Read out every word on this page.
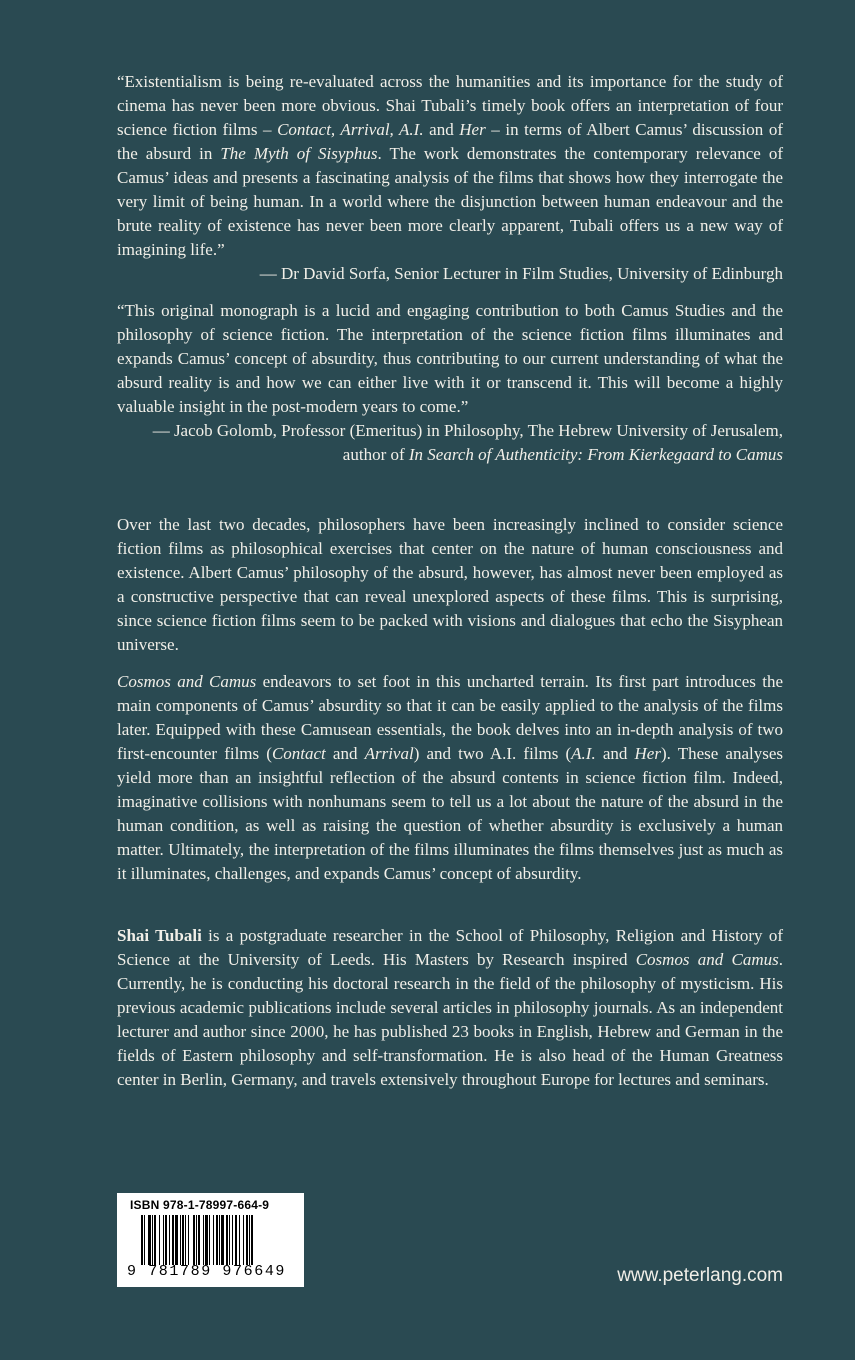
“Existentialism is being re-evaluated across the humanities and its importance for the study of cinema has never been more obvious. Shai Tubali’s timely book offers an interpretation of four science fiction films – Contact, Arrival, A.I. and Her – in terms of Albert Camus’ discussion of the absurd in The Myth of Sisyphus. The work demonstrates the contemporary relevance of Camus’ ideas and presents a fascinating analysis of the films that shows how they interrogate the very limit of being human. In a world where the disjunction between human endeavour and the brute reality of existence has never been more clearly apparent, Tubali offers us a new way of imagining life.”

— Dr David Sorfa, Senior Lecturer in Film Studies, University of Edinburgh

“This original monograph is a lucid and engaging contribution to both Camus Studies and the philosophy of science fiction. The interpretation of the science fiction films illuminates and expands Camus’ concept of absurdity, thus contributing to our current understanding of what the absurd reality is and how we can either live with it or transcend it. This will become a highly valuable insight in the post-modern years to come.”

— Jacob Golomb, Professor (Emeritus) in Philosophy, The Hebrew University of Jerusalem,
author of In Search of Authenticity: From Kierkegaard to Camus

Over the last two decades, philosophers have been increasingly inclined to consider science fiction films as philosophical exercises that center on the nature of human consciousness and existence. Albert Camus’ philosophy of the absurd, however, has almost never been employed as a constructive perspective that can reveal unexplored aspects of these films. This is surprising, since science fiction films seem to be packed with visions and dialogues that echo the Sisyphean universe.

Cosmos and Camus endeavors to set foot in this uncharted terrain. Its first part introduces the main components of Camus’ absurdity so that it can be easily applied to the analysis of the films later. Equipped with these Camusean essentials, the book delves into an in-depth analysis of two first-encounter films (Contact and Arrival) and two A.I. films (A.I. and Her). These analyses yield more than an insightful reflection of the absurd contents in science fiction film. Indeed, imaginative collisions with nonhumans seem to tell us a lot about the nature of the absurd in the human condition, as well as raising the question of whether absurdity is exclusively a human matter. Ultimately, the interpretation of the films illuminates the films themselves just as much as it illuminates, challenges, and expands Camus’ concept of absurdity.

Shai Tubali is a postgraduate researcher in the School of Philosophy, Religion and History of Science at the University of Leeds. His Masters by Research inspired Cosmos and Camus. Currently, he is conducting his doctoral research in the field of the philosophy of mysticism. His previous academic publications include several articles in philosophy journals. As an independent lecturer and author since 2000, he has published 23 books in English, Hebrew and German in the fields of Eastern philosophy and self-transformation. He is also head of the Human Greatness center in Berlin, Germany, and travels extensively throughout Europe for lectures and seminars.

ISBN 978-1-78997-664-9
9 781789 976649	www.peterlang.com
